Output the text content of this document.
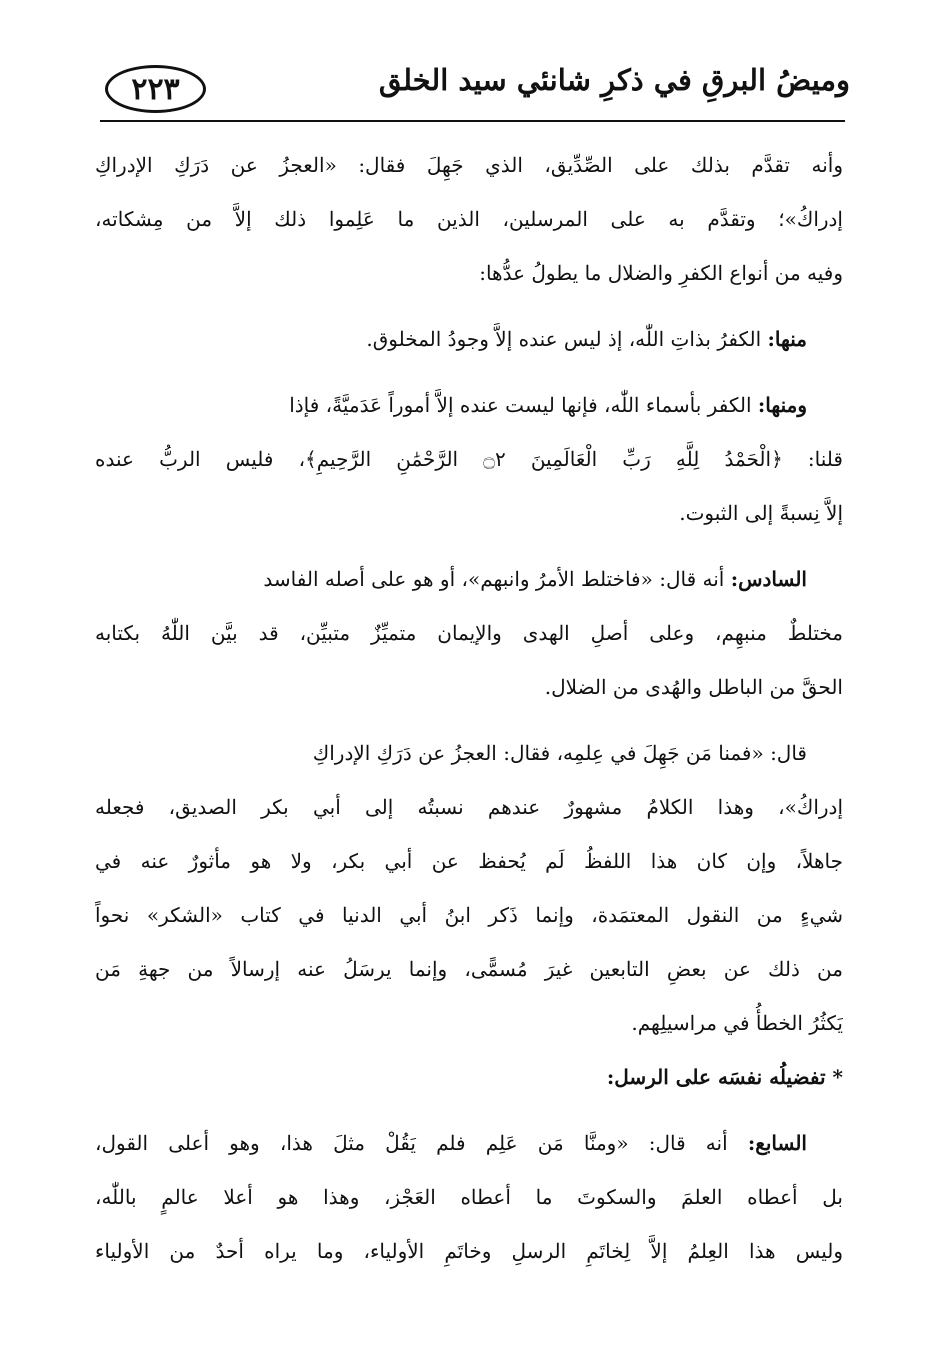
٢٢٣	وميضُ البرقِ في ذكرِ شانئي سيد الخلق
وأنه تقدَّم بذلك على الصِّدِّيق، الذي جَهِلَ فقال: «العجزُ عن دَرَكِ الإدراكِ
إدراكُ»؛ وتقدَّم به على المرسلين، الذين ما عَلِموا ذلك إلاَّ من مِشكاته،
وفيه من أنواع الكفرِ والضلال ما يطولُ عدُّها:
منها: الكفرُ بذاتِ اللّٰه، إذ ليس عنده إلاَّ وجودُ المخلوق.
ومنها: الكفر بأسماء اللّٰه، فإنها ليست عنده إلاَّ أموراً عَدَميَّةً، فإذا
قلنا: ﴿الْحَمْدُ لِلَّهِ رَبِّ الْعَالَمِينَ ۝٢ الرَّحْمَٰنِ الرَّحِيمِ﴾، فليس الربُّ عنده
إلاَّ نِسبةً إلى الثبوت.
السادس: أنه قال: «فاختلط الأمرُ وانبهم»، أو هو على أصله الفاسد
مختلطٌ منبهِم، وعلى أصلِ الهدى والإيمان متميِّزٌ متبيِّن، قد بيَّن اللّٰهُ بكتابه
الحقَّ من الباطل والهُدى من الضلال.
قال: «فمنا مَن جَهِلَ في عِلمِه، فقال: العجزُ عن دَرَكِ الإدراكِ
إدراكُ»، وهذا الكلامُ مشهورٌ عندهم نسبتُه إلى أبي بكر الصديق، فجعله
جاهلاً، وإن كان هذا اللفظُ لَم يُحفظ عن أبي بكر، ولا هو مأثورٌ عنه في
شيءٍ من النقول المعتمَدة، وإنما ذَكر ابنُ أبي الدنيا في كتاب «الشكر» نحواً
من ذلك عن بعضِ التابعين غيرَ مُسمًّى، وإنما يرسَلُ عنه إرسالاً من جهةِ مَن
يَكثُرُ الخطأُ في مراسيلِهم.
* تفضيلُه نفسَه على الرسل:
السابع: أنه قال: «ومنَّا مَن عَلِم فلم يَقُلْ مثلَ هذا، وهو أعلى القول،
بل أعطاه العلمَ والسكوتَ ما أعطاه العَجْز، وهذا هو أعلا عالمٍ باللّٰه،
وليس هذا العِلمُ إلاَّ لِخاتَمِ الرسلِ وخاتَمِ الأولياء، وما يراه أحدٌ من الأولياء
